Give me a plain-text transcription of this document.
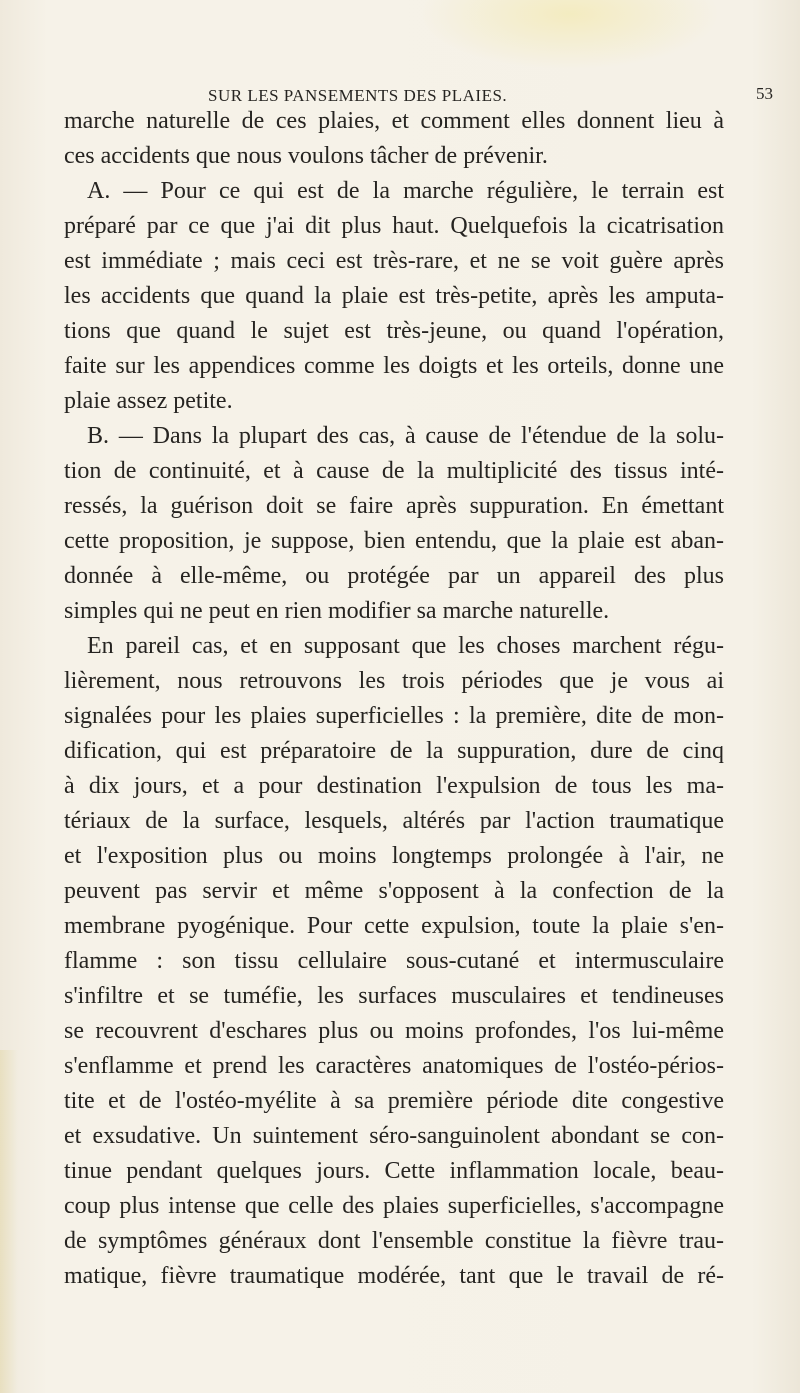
SUR LES PANSEMENTS DES PLAIES.	53
marche naturelle de ces plaies, et comment elles donnent lieu à
ces accidents que nous voulons tâcher de prévenir.
A. — Pour ce qui est de la marche régulière, le terrain est
préparé par ce que j'ai dit plus haut. Quelquefois la cicatrisation
est immédiate ; mais ceci est très-rare, et ne se voit guère après
les accidents que quand la plaie est très-petite, après les amputa-
tions que quand le sujet est très-jeune, ou quand l'opération,
faite sur les appendices comme les doigts et les orteils, donne une
plaie assez petite.
B. — Dans la plupart des cas, à cause de l'étendue de la solu-
tion de continuité, et à cause de la multiplicité des tissus inté-
ressés, la guérison doit se faire après suppuration. En émettant
cette proposition, je suppose, bien entendu, que la plaie est aban-
donnée à elle-même, ou protégée par un appareil des plus
simples qui ne peut en rien modifier sa marche naturelle.
En pareil cas, et en supposant que les choses marchent régu-
lièrement, nous retrouvons les trois périodes que je vous ai
signalées pour les plaies superficielles : la première, dite de mon-
dification, qui est préparatoire de la suppuration, dure de cinq
à dix jours, et a pour destination l'expulsion de tous les ma-
tériaux de la surface, lesquels, altérés par l'action traumatique
et l'exposition plus ou moins longtemps prolongée à l'air, ne
peuvent pas servir et même s'opposent à la confection de la
membrane pyogénique. Pour cette expulsion, toute la plaie s'en-
flamme : son tissu cellulaire sous-cutané et intermusculaire
s'infiltre et se tuméfie, les surfaces musculaires et tendineuses
se recouvrent d'eschares plus ou moins profondes, l'os lui-même
s'enflamme et prend les caractères anatomiques de l'ostéo-périos-
tite et de l'ostéo-myélite à sa première période dite congestive
et exsudative. Un suintement séro-sanguinolent abondant se con-
tinue pendant quelques jours. Cette inflammation locale, beau-
coup plus intense que celle des plaies superficielles, s'accompagne
de symptômes généraux dont l'ensemble constitue la fièvre trau-
matique, fièvre traumatique modérée, tant que le travail de ré-
